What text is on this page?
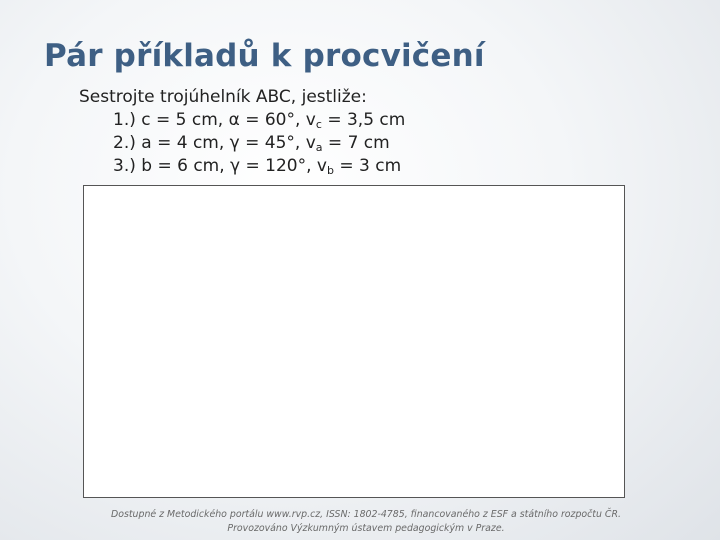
Pár příkladů k procvičení
Sestrojte trojúhelník ABC, jestliže:
1.) c = 5 cm, α = 60°, $v_c = 3,5$ cm
2.) a = 4 cm, γ = 45°, $v_a = 7$ cm
3.) b = 6 cm, γ = 120°, $v_b = 3$ cm
Dostupné z Metodického portálu www.rvp.cz, ISSN: 1802-4785, financovaného z ESF a státního rozpočtu ČR.
Provozováno Výzkumným ústavem pedagogickým v Praze.
